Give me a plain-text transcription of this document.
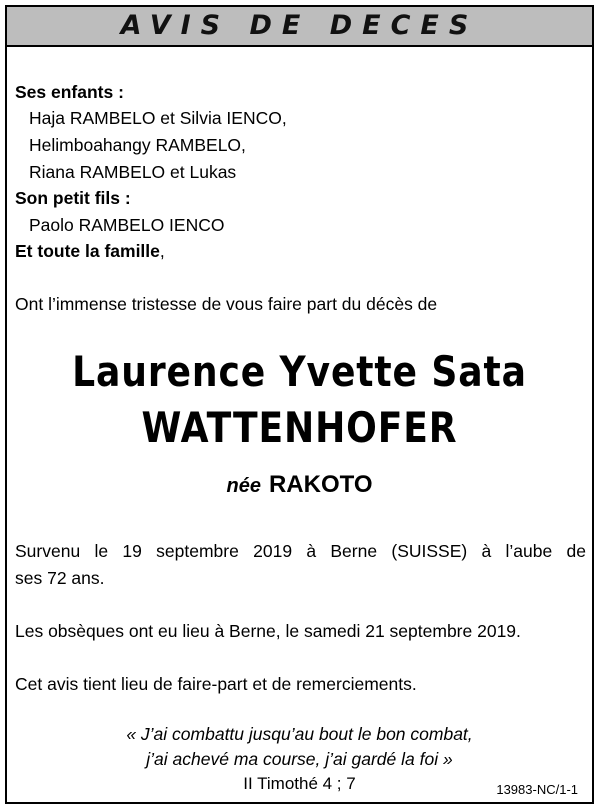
AVIS DE DECES
Ses enfants :
Haja RAMBELO et Silvia IENCO,
Helimboahangy RAMBELO,
Riana RAMBELO et Lukas
Son petit fils :
Paolo RAMBELO IENCO
Et toute la famille,
Ont l’immense tristesse de vous faire part du décès de
Laurence Yvette Sata
WATTENHOFER
née RAKOTO
Survenu le 19 septembre 2019 à Berne (SUISSE) à l’aube de
ses 72 ans.
Les obsèques ont eu lieu à Berne, le samedi 21 septembre 2019.
Cet avis tient lieu de faire-part et de remerciements.
« J’ai combattu jusqu’au bout le bon combat,
j’ai achevé ma course, j’ai gardé la foi »
II Timothé 4 ; 7	13983-NC/1-1
